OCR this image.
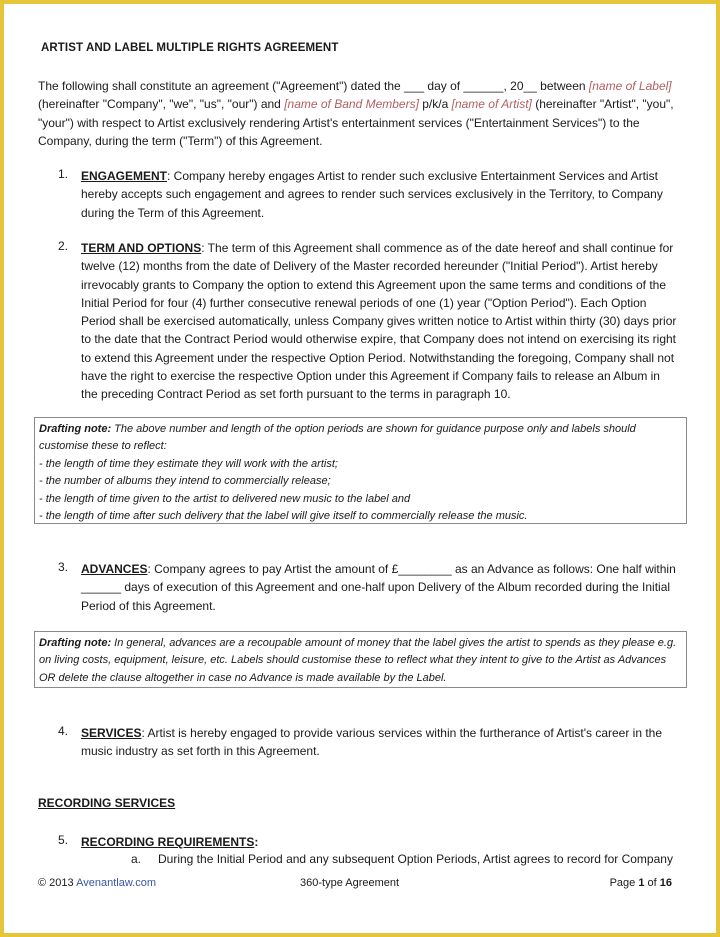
ARTIST AND LABEL MULTIPLE RIGHTS AGREEMENT

The following shall constitute an agreement ("Agreement") dated the ___ day of ______, 20__ between [name of Label] (hereinafter "Company", "we", "us", "our") and [name of Band Members] p/k/a [name of Artist] (hereinafter "Artist", "you", "your") with respect to Artist exclusively rendering Artist's entertainment services ("Entertainment Services") to the Company, during the term ("Term") of this Agreement.

1. ENGAGEMENT: Company hereby engages Artist to render such exclusive Entertainment Services and Artist hereby accepts such engagement and agrees to render such services exclusively in the Territory, to Company during the Term of this Agreement.
2. TERM AND OPTIONS: The term of this Agreement shall commence as of the date hereof and shall continue for twelve (12) months from the date of Delivery of the Master recorded hereunder ("Initial Period"). Artist hereby irrevocably grants to Company the option to extend this Agreement upon the same terms and conditions of the Initial Period for four (4) further consecutive renewal periods of one (1) year ("Option Period"). Each Option Period shall be exercised automatically, unless Company gives written notice to Artist within thirty (30) days prior to the date that the Contract Period would otherwise expire, that Company does not intend on exercising its right to extend this Agreement under the respective Option Period. Notwithstanding the foregoing, Company shall not have the right to exercise the respective Option under this Agreement if Company fails to release an Album in the preceding Contract Period as set forth pursuant to the terms in paragraph 10.
Drafting note: The above number and length of the option periods are shown for guidance purpose only and labels should customise these to reflect:
- the length of time they estimate they will work with the artist;
- the number of albums they intend to commercially release;
- the length of time given to the artist to delivered new music to the label and
- the length of time after such delivery that the label will give itself to commercially release the music.
3. ADVANCES: Company agrees to pay Artist the amount of £________ as an Advance as follows: One half within ______ days of execution of this Agreement and one-half upon Delivery of the Album recorded during the Initial Period of this Agreement.
Drafting note: In general, advances are a recoupable amount of money that the label gives the artist to spends as they please e.g. on living costs, equipment, leisure, etc. Labels should customise these to reflect what they intent to give to the Artist as Advances OR delete the clause altogether in case no Advance is made available by the Label.
4. SERVICES: Artist is hereby engaged to provide various services within the furtherance of Artist's career in the music industry as set forth in this Agreement.
RECORDING SERVICES
5. RECORDING REQUIREMENTS:
a. During the Initial Period and any subsequent Option Periods, Artist agrees to record for Company
© 2013 Avenantlaw.com	360-type Agreement	Page 1 of 16
